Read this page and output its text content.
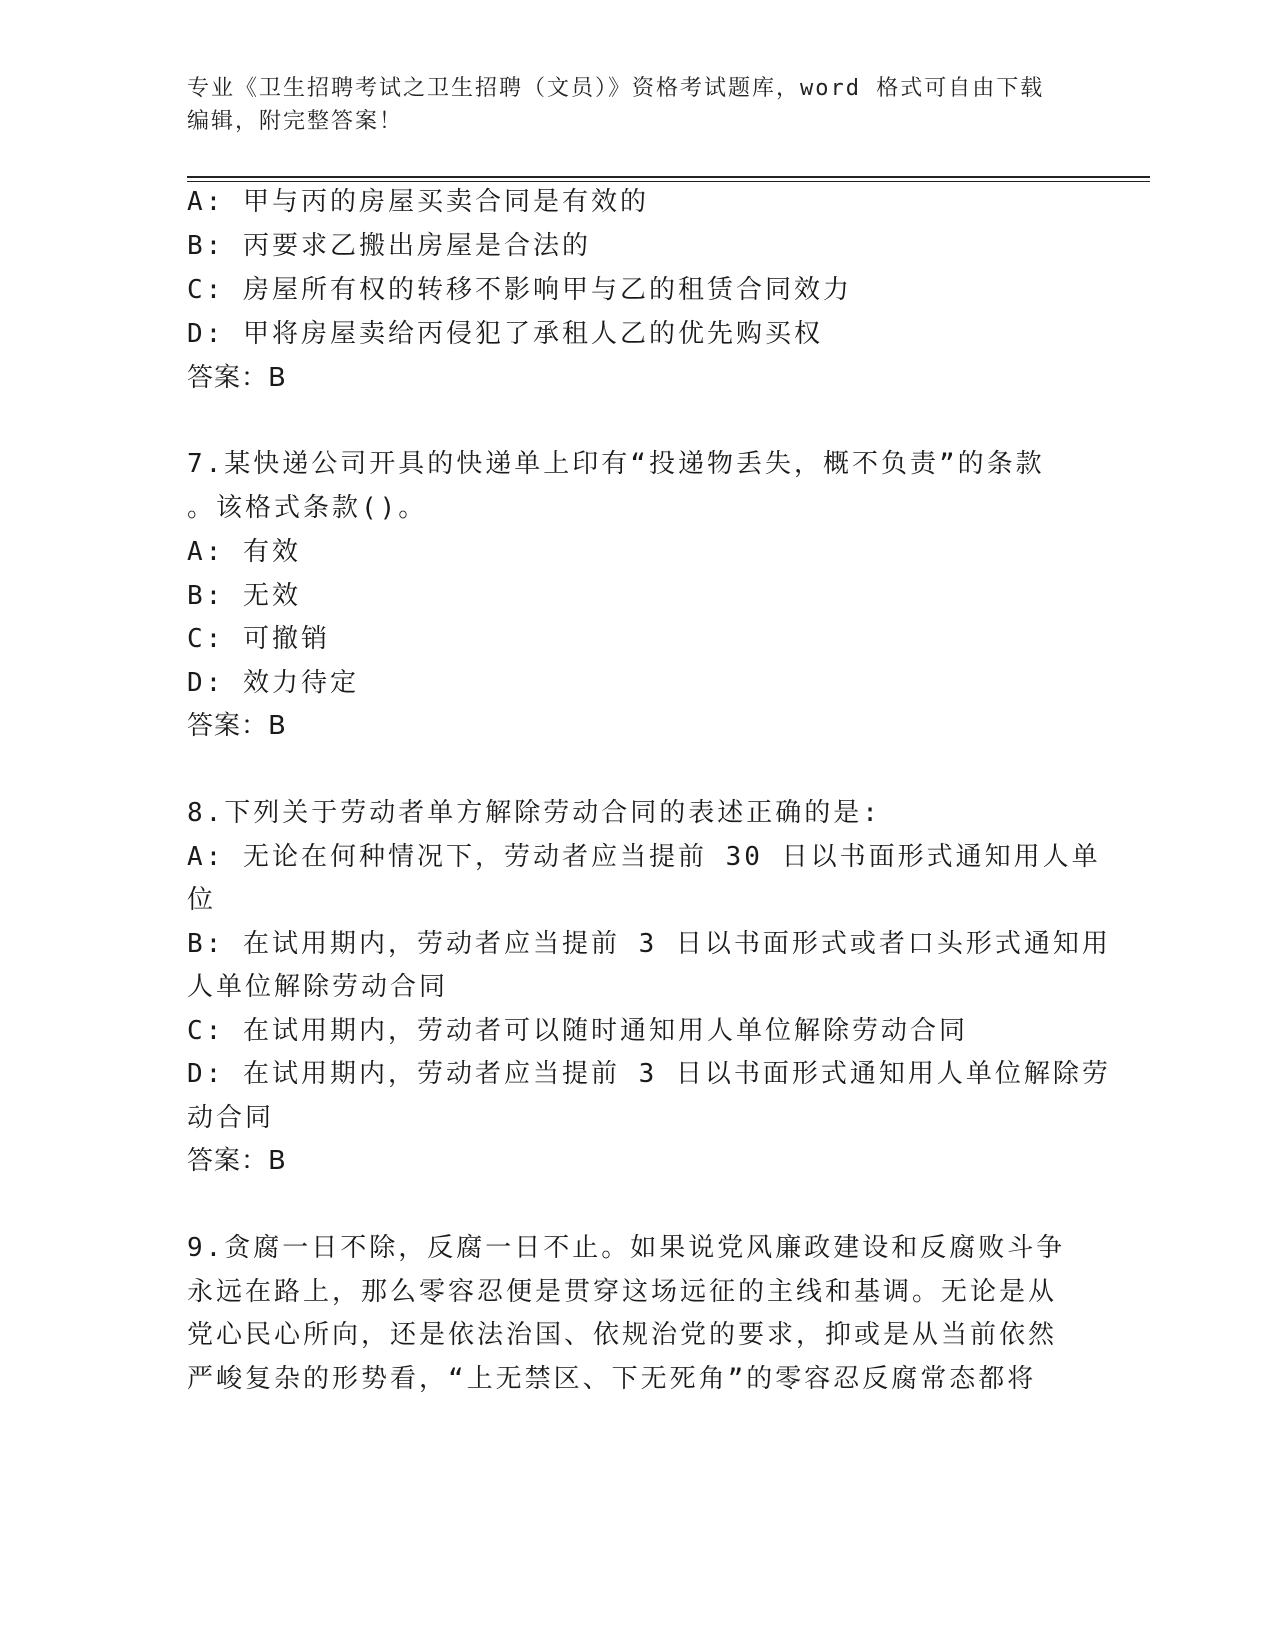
专业《卫生招聘考试之卫生招聘（文员）》资格考试题库，word 格式可自由下载
编辑，附完整答案！
A: 甲与丙的房屋买卖合同是有效的
B: 丙要求乙搬出房屋是合法的
C: 房屋所有权的转移不影响甲与乙的租赁合同效力
D: 甲将房屋卖给丙侵犯了承租人乙的优先购买权
答案：B
7.某快递公司开具的快递单上印有“投递物丢失，概不负责”的条款
。该格式条款()。
A: 有效
B: 无效
C: 可撤销
D: 效力待定
答案：B
8.下列关于劳动者单方解除劳动合同的表述正确的是:
A: 无论在何种情况下，劳动者应当提前 30 日以书面形式通知用人单
位
B: 在试用期内，劳动者应当提前 3 日以书面形式或者口头形式通知用
人单位解除劳动合同
C: 在试用期内，劳动者可以随时通知用人单位解除劳动合同
D: 在试用期内，劳动者应当提前 3 日以书面形式通知用人单位解除劳
动合同
答案：B
9.贪腐一日不除，反腐一日不止。如果说党风廉政建设和反腐败斗争
永远在路上，那么零容忍便是贯穿这场远征的主线和基调。无论是从
党心民心所向，还是依法治国、依规治党的要求，抑或是从当前依然
严峻复杂的形势看，“上无禁区、下无死角”的零容忍反腐常态都将
